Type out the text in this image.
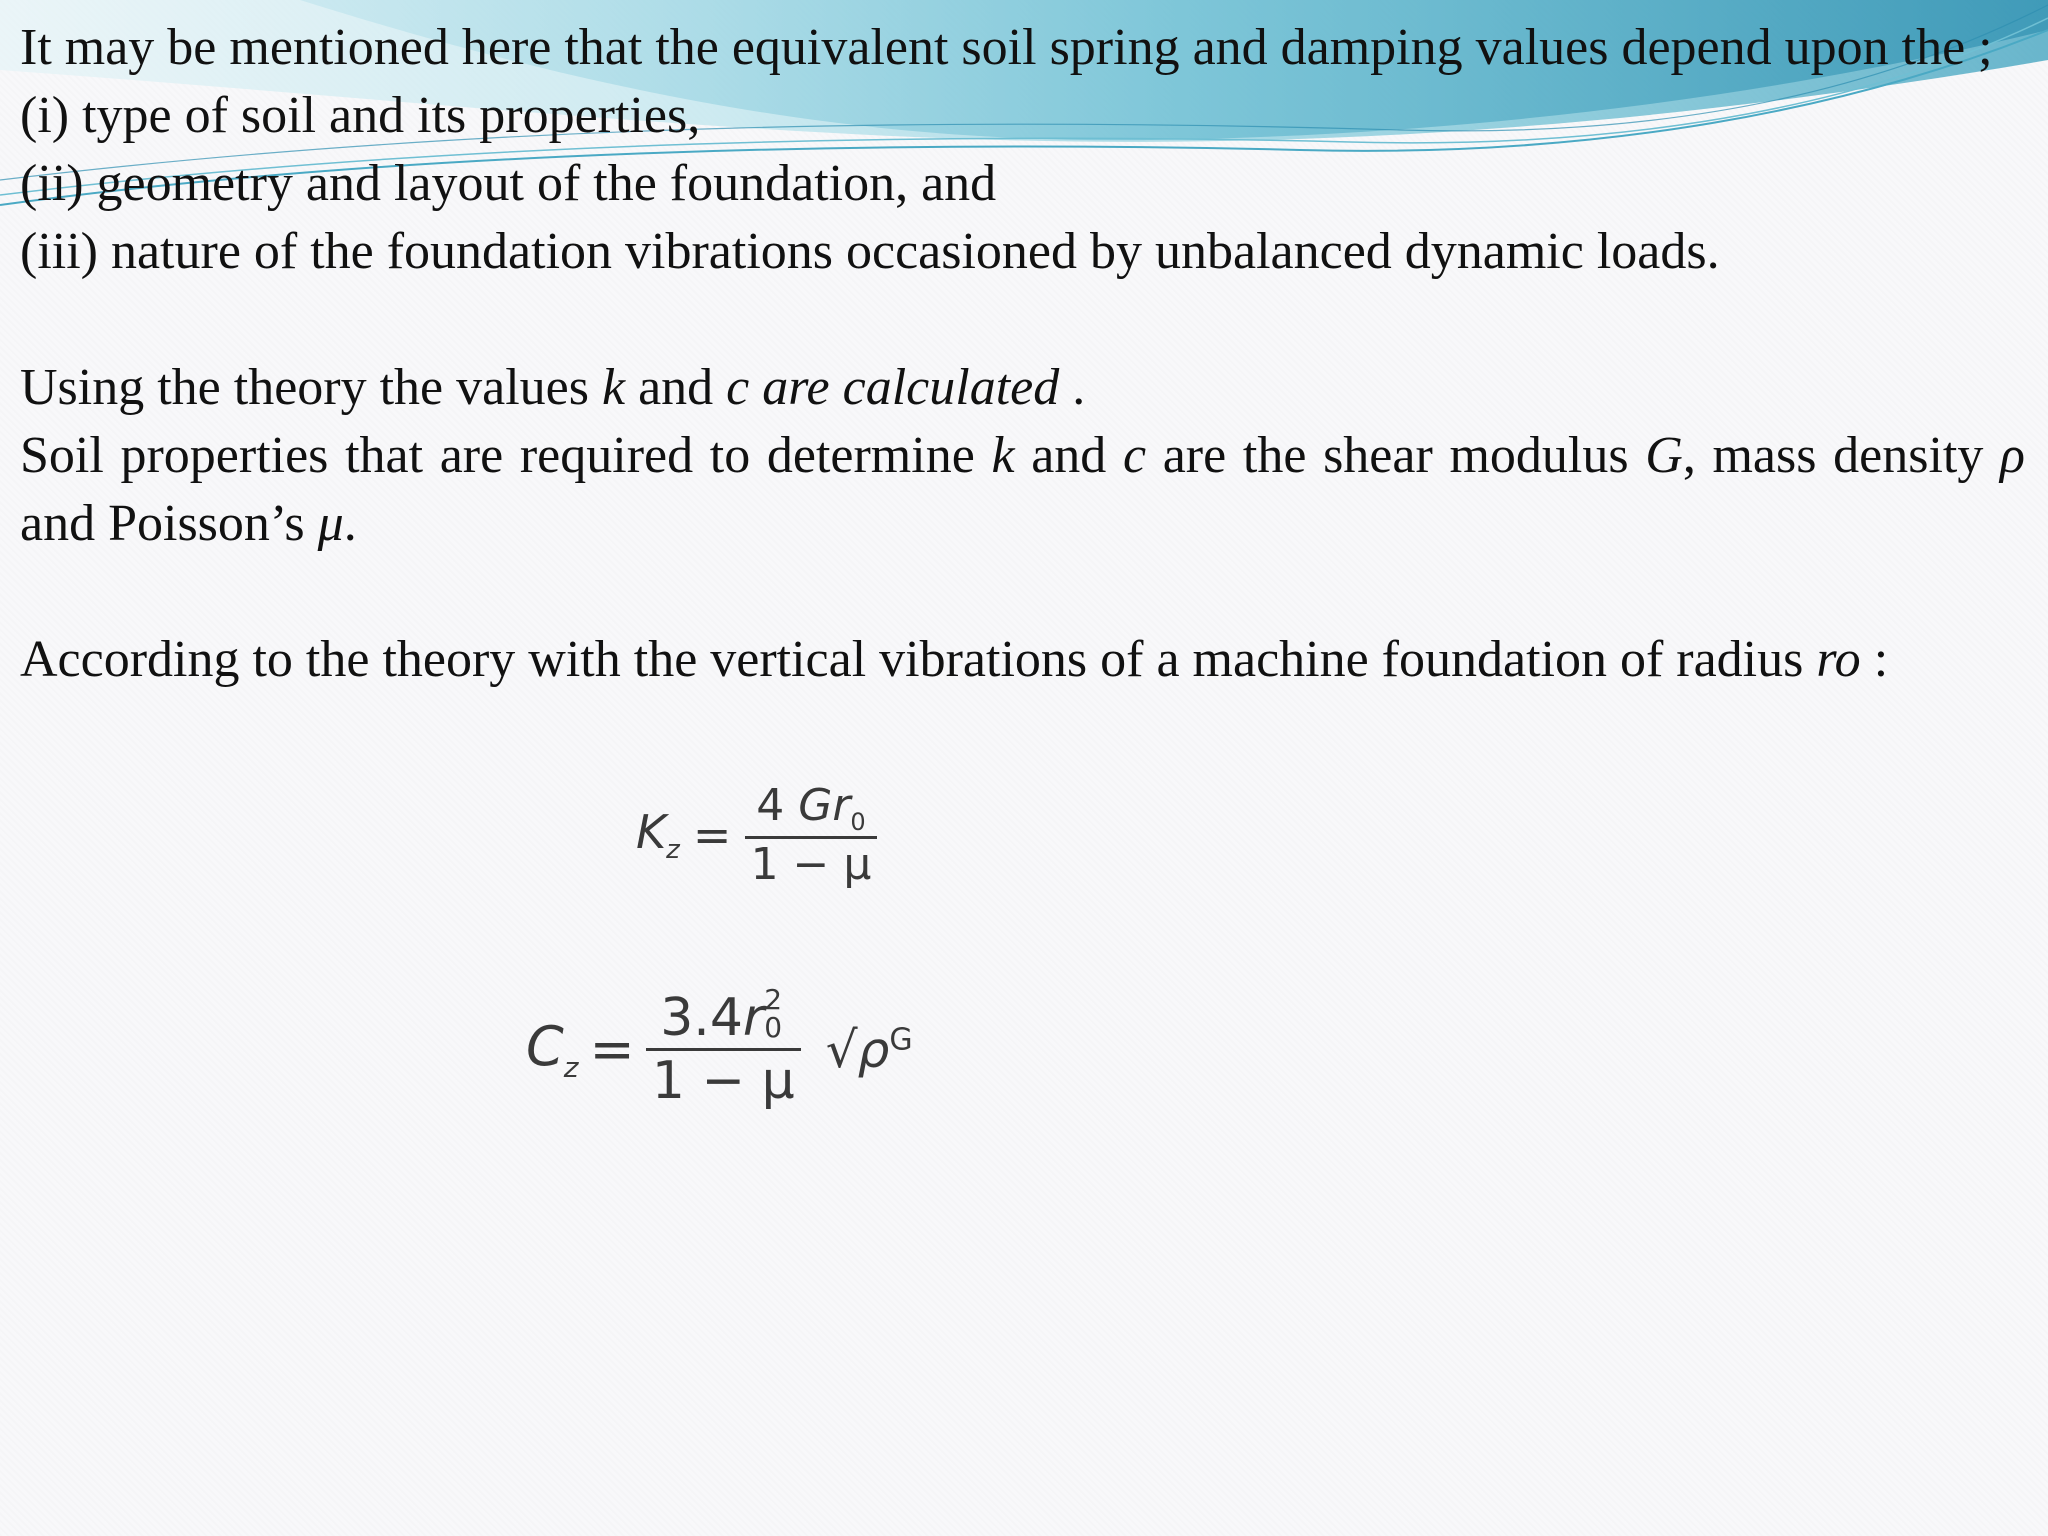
It may be mentioned here that the equivalent soil spring and damping values depend upon the ;

(i) type of soil and its properties,

(ii) geometry and layout of the foundation, and

(iii) nature of the foundation vibrations occasioned by unbalanced dynamic loads.

Using the theory the values k and c are calculated .

Soil properties that are required to determine k and c are the shear modulus G, mass density ρ and Poisson’s μ.

According to the theory with the vertical vibrations of a machine foundation of radius ro :

$K_z = \frac{4 Gr_0}{1 - \mu}$
$C_z = 3.4r$ 2
0
1 − μ $√\rho^G$
